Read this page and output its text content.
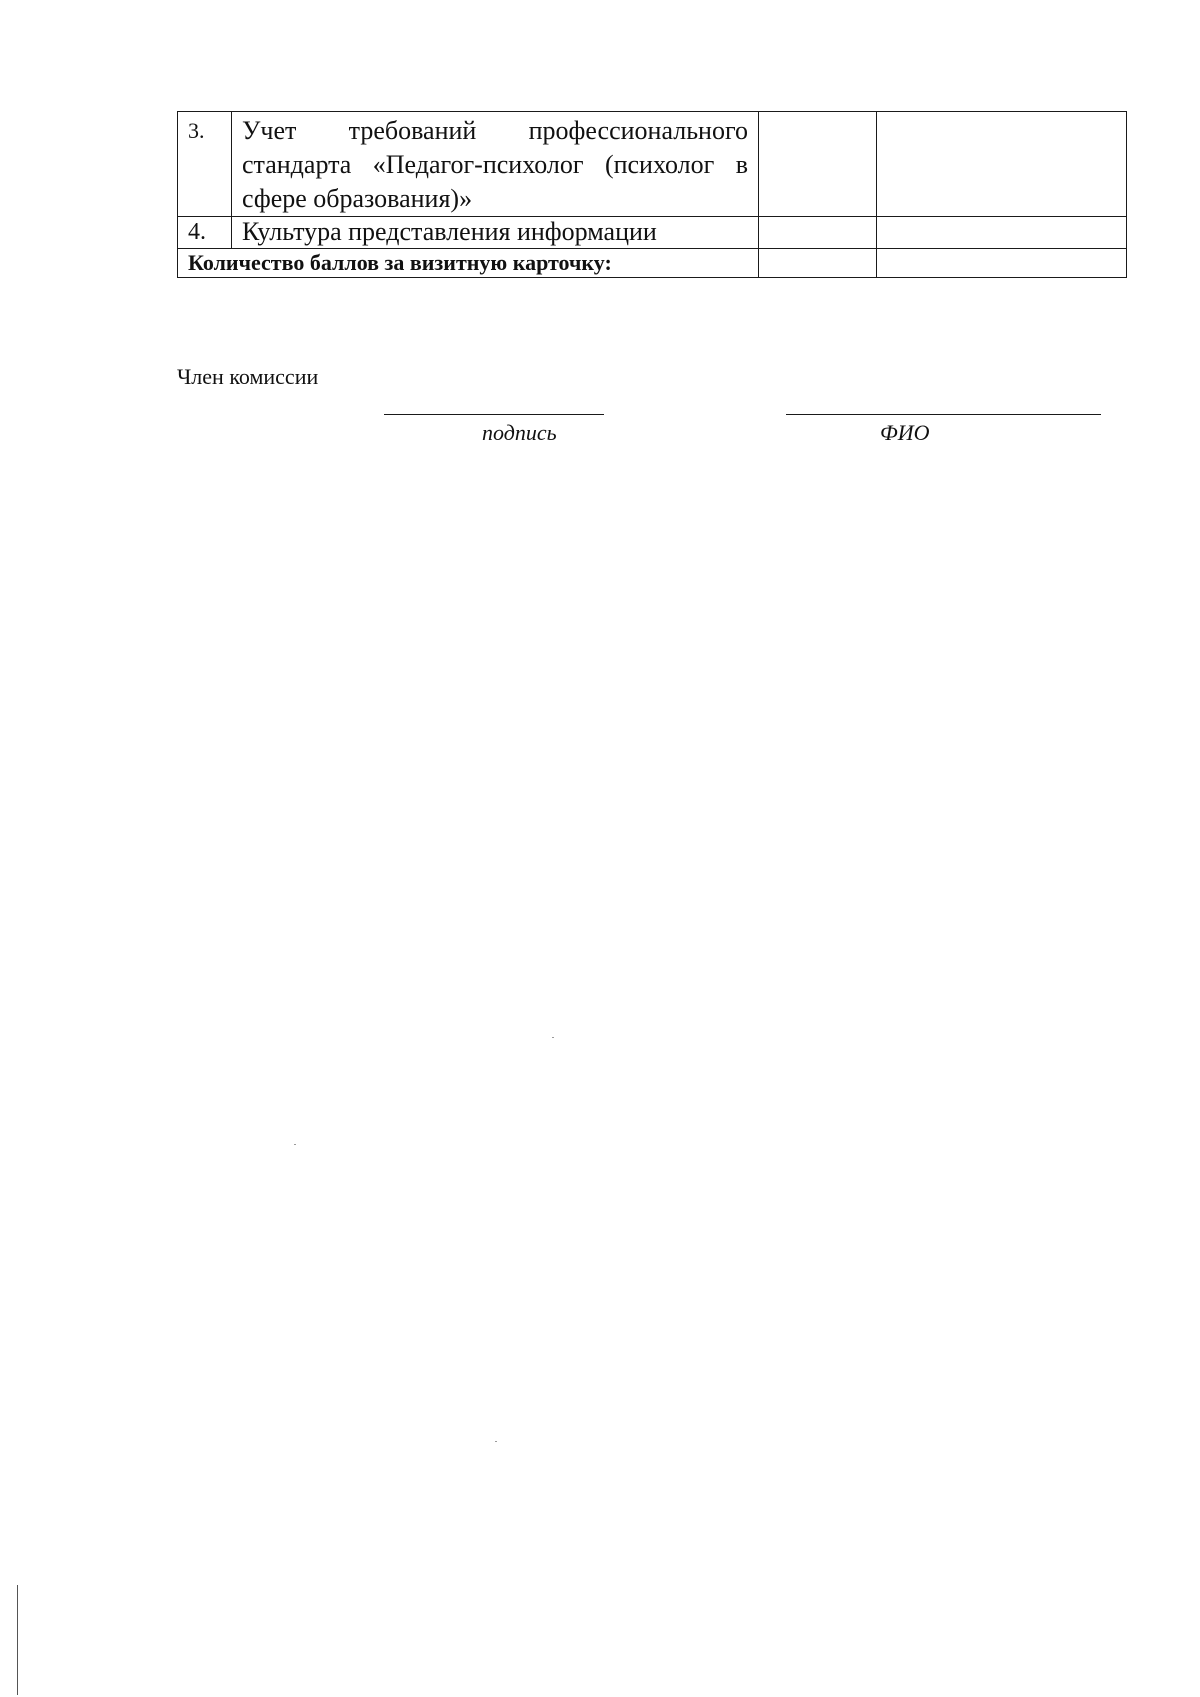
3.	Учет требований профессионального стандарта «Педагог-психолог (психолог в сфере образования)»		
4.	Культура представления информации		
Количество баллов за визитную карточку:			
Член комиссии
подпись	ФИО
